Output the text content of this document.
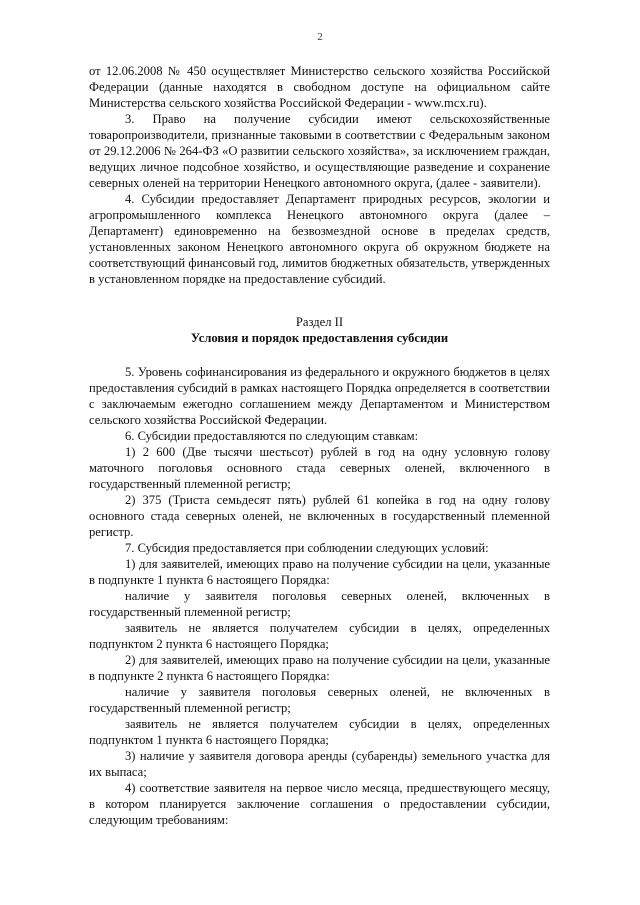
2

от 12.06.2008 № 450 осуществляет Министерство сельского хозяйства Российской Федерации (данные находятся в свободном доступе на официальном сайте Министерства сельского хозяйства Российской Федерации - www.mcx.ru).

3. Право на получение субсидии имеют сельскохозяйственные товаропроизводители, признанные таковыми в соответствии с Федеральным законом от 29.12.2006 № 264-ФЗ «О развитии сельского хозяйства», за исключением граждан, ведущих личное подсобное хозяйство, и осуществляющие разведение и сохранение северных оленей на территории Ненецкого автономного округа, (далее - заявители).

4. Субсидии предоставляет Департамент природных ресурсов, экологии и агропромышленного комплекса Ненецкого автономного округа (далее – Департамент) единовременно на безвозмездной основе в пределах средств, установленных законом Ненецкого автономного округа об окружном бюджете на соответствующий финансовый год, лимитов бюджетных обязательств, утвержденных в установленном порядке на предоставление субсидий.

Раздел II
Условия и порядок предоставления субсидии

5. Уровень софинансирования из федерального и окружного бюджетов в целях предоставления субсидий в рамках настоящего Порядка определяется в соответствии с заключаемым ежегодно соглашением между Департаментом и Министерством сельского хозяйства Российской Федерации.

6. Субсидии предоставляются по следующим ставкам:

1) 2 600 (Две тысячи шестьсот) рублей в год на одну условную голову маточного поголовья основного стада северных оленей, включенного в государственный племенной регистр;

2) 375 (Триста семьдесят пять) рублей 61 копейка в год на одну голову основного стада северных оленей, не включенных в государственный племенной регистр.

7. Субсидия предоставляется при соблюдении следующих условий:

1) для заявителей, имеющих право на получение субсидии на цели, указанные в подпункте 1 пункта 6 настоящего Порядка:

наличие у заявителя поголовья северных оленей, включенных в государственный племенной регистр;

заявитель не является получателем субсидии в целях, определенных подпунктом 2 пункта 6 настоящего Порядка;

2) для заявителей, имеющих право на получение субсидии на цели, указанные в подпункте 2 пункта 6 настоящего Порядка:

наличие у заявителя поголовья северных оленей, не включенных в государственный племенной регистр;

заявитель не является получателем субсидии в целях, определенных подпунктом 1 пункта 6 настоящего Порядка;

3) наличие у заявителя договора аренды (субаренды) земельного участка для их выпаса;

4) соответствие заявителя на первое число месяца, предшествующего месяцу, в котором планируется заключение соглашения о предоставлении субсидии, следующим требованиям:
